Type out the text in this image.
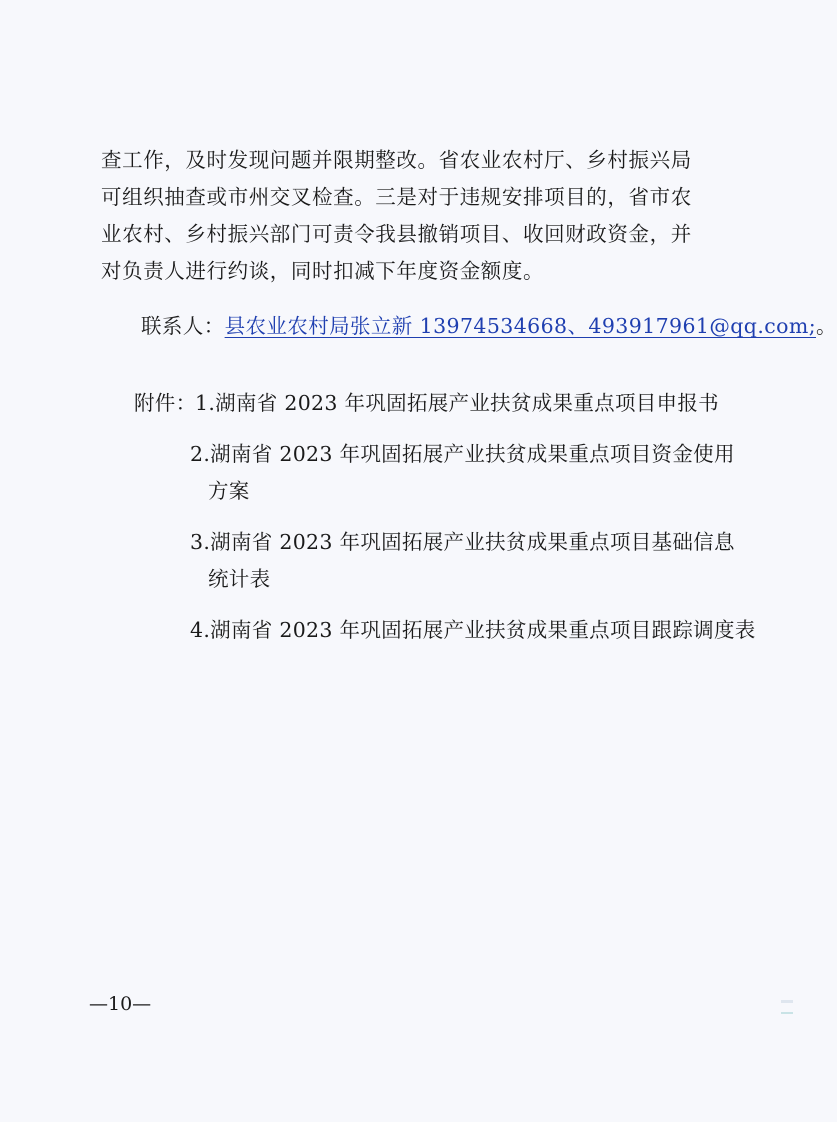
查工作，及时发现问题并限期整改。省农业农村厅、乡村振兴局
可组织抽查或市州交叉检查。三是对于违规安排项目的，省市农
业农村、乡村振兴部门可责令我县撤销项目、收回财政资金，并
对负责人进行约谈，同时扣减下年度资金额度。
联系人：县农业农村局张立新 13974534668、493917961@qq.com;。
附件：1.湖南省 2023 年巩固拓展产业扶贫成果重点项目申报书
2.湖南省 2023 年巩固拓展产业扶贫成果重点项目资金使用
方案
3.湖南省 2023 年巩固拓展产业扶贫成果重点项目基础信息
统计表
4.湖南省 2023 年巩固拓展产业扶贫成果重点项目跟踪调度表
—10—
